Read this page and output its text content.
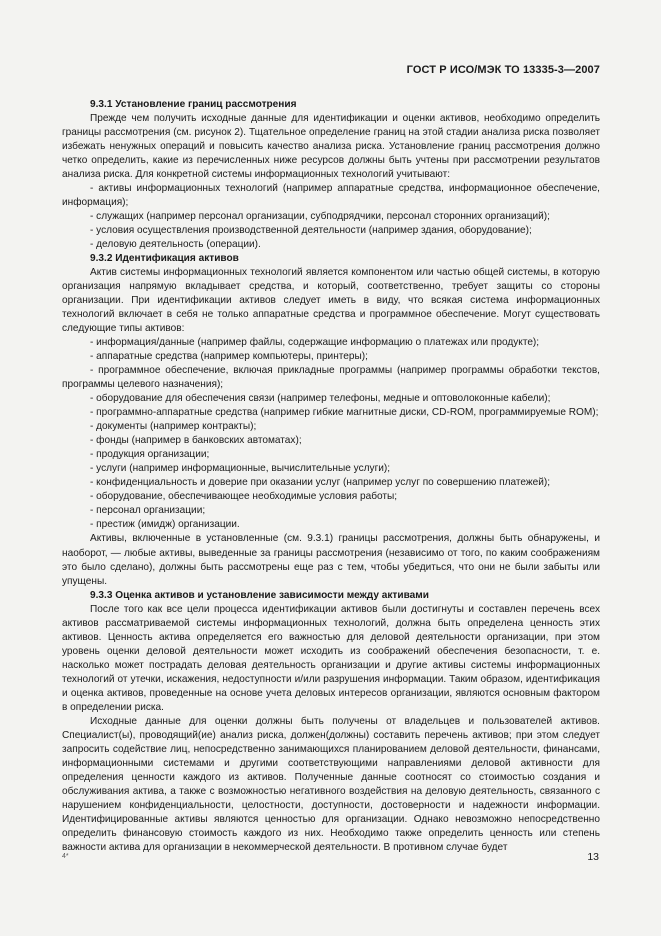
ГОСТ Р ИСО/МЭК ТО 13335-3—2007

9.3.1 Установление границ рассмотрения

Прежде чем получить исходные данные для идентификации и оценки активов, необходимо определить границы рассмотрения (см. рисунок 2). Тщательное определение границ на этой стадии анализа риска позволяет избежать ненужных операций и повысить качество анализа риска. Установление границ рассмотрения должно четко определить, какие из перечисленных ниже ресурсов должны быть учтены при рассмотрении результатов анализа риска. Для конкретной системы информационных технологий учитывают:

- активы информационных технологий (например аппаратные средства, информационное обеспечение, информация);

- служащих (например персонал организации, субподрядчики, персонал сторонних организаций);

- условия осуществления производственной деятельности (например здания, оборудование);

- деловую деятельность (операции).

9.3.2 Идентификация активов

Актив системы информационных технологий является компонентом или частью общей системы, в которую организация напрямую вкладывает средства, и который, соответственно, требует защиты со стороны организации. При идентификации активов следует иметь в виду, что всякая система информационных технологий включает в себя не только аппаратные средства и программное обеспечение. Могут существовать следующие типы активов:

- информация/данные (например файлы, содержащие информацию о платежах или продукте);

- аппаратные средства (например компьютеры, принтеры);

- программное обеспечение, включая прикладные программы (например программы обработки текстов, программы целевого назначения);

- оборудование для обеспечения связи (например телефоны, медные и оптоволоконные кабели);

- программно-аппаратные средства (например гибкие магнитные диски, CD-ROM, программируемые ROM);

- документы (например контракты);

- фонды (например в банковских автоматах);

- продукция организации;

- услуги (например информационные, вычислительные услуги);

- конфиденциальность и доверие при оказании услуг (например услуг по совершению платежей);

- оборудование, обеспечивающее необходимые условия работы;

- персонал организации;

- престиж (имидж) организации.

Активы, включенные в установленные (см. 9.3.1) границы рассмотрения, должны быть обнаружены, и наоборот, — любые активы, выведенные за границы рассмотрения (независимо от того, по каким соображениям это было сделано), должны быть рассмотрены еще раз с тем, чтобы убедиться, что они не были забыты или упущены.

9.3.3 Оценка активов и установление зависимости между активами

После того как все цели процесса идентификации активов были достигнуты и составлен перечень всех активов рассматриваемой системы информационных технологий, должна быть определена ценность этих активов. Ценность актива определяется его важностью для деловой деятельности организации, при этом уровень оценки деловой деятельности может исходить из соображений обеспечения безопасности, т. е. насколько может пострадать деловая деятельность организации и другие активы системы информационных технологий от утечки, искажения, недоступности и/или разрушения информации. Таким образом, идентификация и оценка активов, проведенные на основе учета деловых интересов организации, являются основным фактором в определении риска.

Исходные данные для оценки должны быть получены от владельцев и пользователей активов. Специалист(ы), проводящий(ие) анализ риска, должен(должны) составить перечень активов; при этом следует запросить содействие лиц, непосредственно занимающихся планированием деловой деятельности, финансами, информационными системами и другими соответствующими направлениями деловой активности для определения ценности каждого из активов. Полученные данные соотносят со стоимостью создания и обслуживания актива, а также с возможностью негативного воздействия на деловую деятельность, связанного с нарушением конфиденциальности, целостности, доступности, достоверности и надежности информации. Идентифицированные активы являются ценностью для организации. Однако невозможно непосредственно определить финансовую стоимость каждого из них. Необходимо также определить ценность или степень важности актива для организации в некоммерческой деятельности. В противном случае будет

4*	13
